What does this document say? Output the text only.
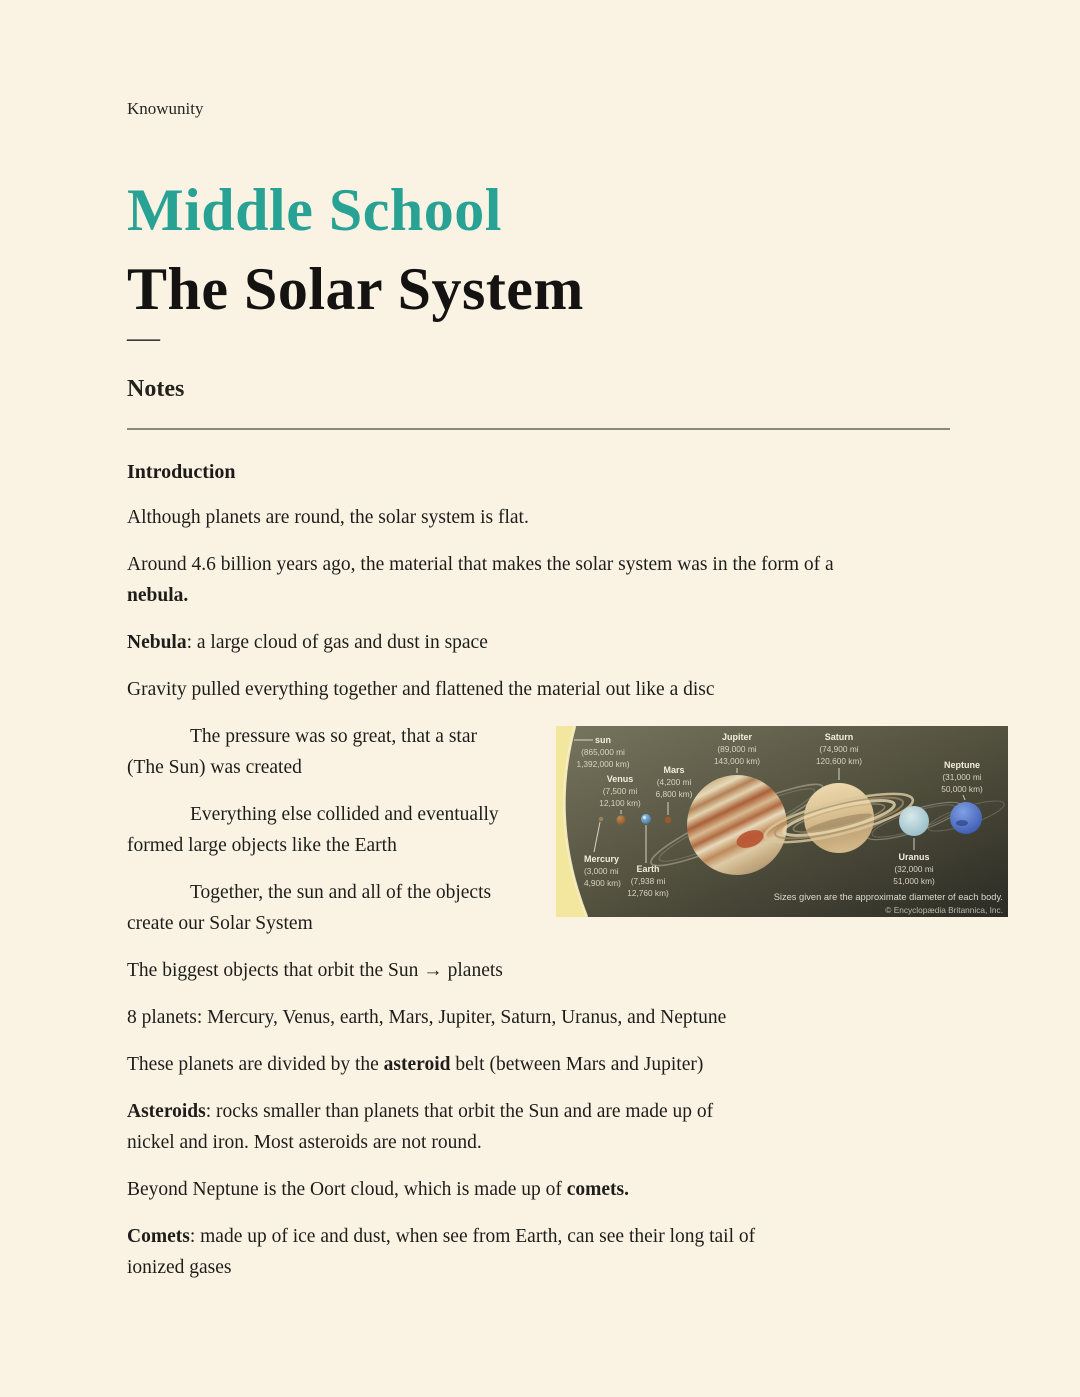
Knowunity
Middle School
The Solar System
—
Notes
Introduction

Although planets are round, the solar system is flat.

Around 4.6 billion years ago, the material that makes the solar system was in the form of a
nebula.

Nebula: a large cloud of gas and dust in space

Gravity pulled everything together and flattened the material out like a disc

sun
(865,000 mi
1,392,000 km)
Mercury
(3,000 mi
4,900 km)
Venus
(7,500 mi
12,100 km)
Earth
(7,938 mi
12,760 km)
Mars
(4,200 mi
6,800 km)
Jupiter
(89,000 mi
143,000 km)
Saturn
(74,900 mi
120,600 km)
Uranus
(32,000 mi
51,000 km)
Neptune
(31,000 mi
50,000 km)
Sizes given are the approximate diameter of each body.
© Encyclopædia Britannica, Inc.

The pressure was so great, that a star
(The Sun) was created

Everything else collided and eventually
formed large objects like the Earth

Together, the sun and all of the objects
create our Solar System

The biggest objects that orbit the Sun → planets

8 planets: Mercury, Venus, earth, Mars, Jupiter, Saturn, Uranus, and Neptune

These planets are divided by the asteroid belt (between Mars and Jupiter)

Asteroids: rocks smaller than planets that orbit the Sun and are made up of
nickel and iron. Most asteroids are not round.

Beyond Neptune is the Oort cloud, which is made up of comets.

Comets: made up of ice and dust, when see from Earth, can see their long tail of
ionized gases
